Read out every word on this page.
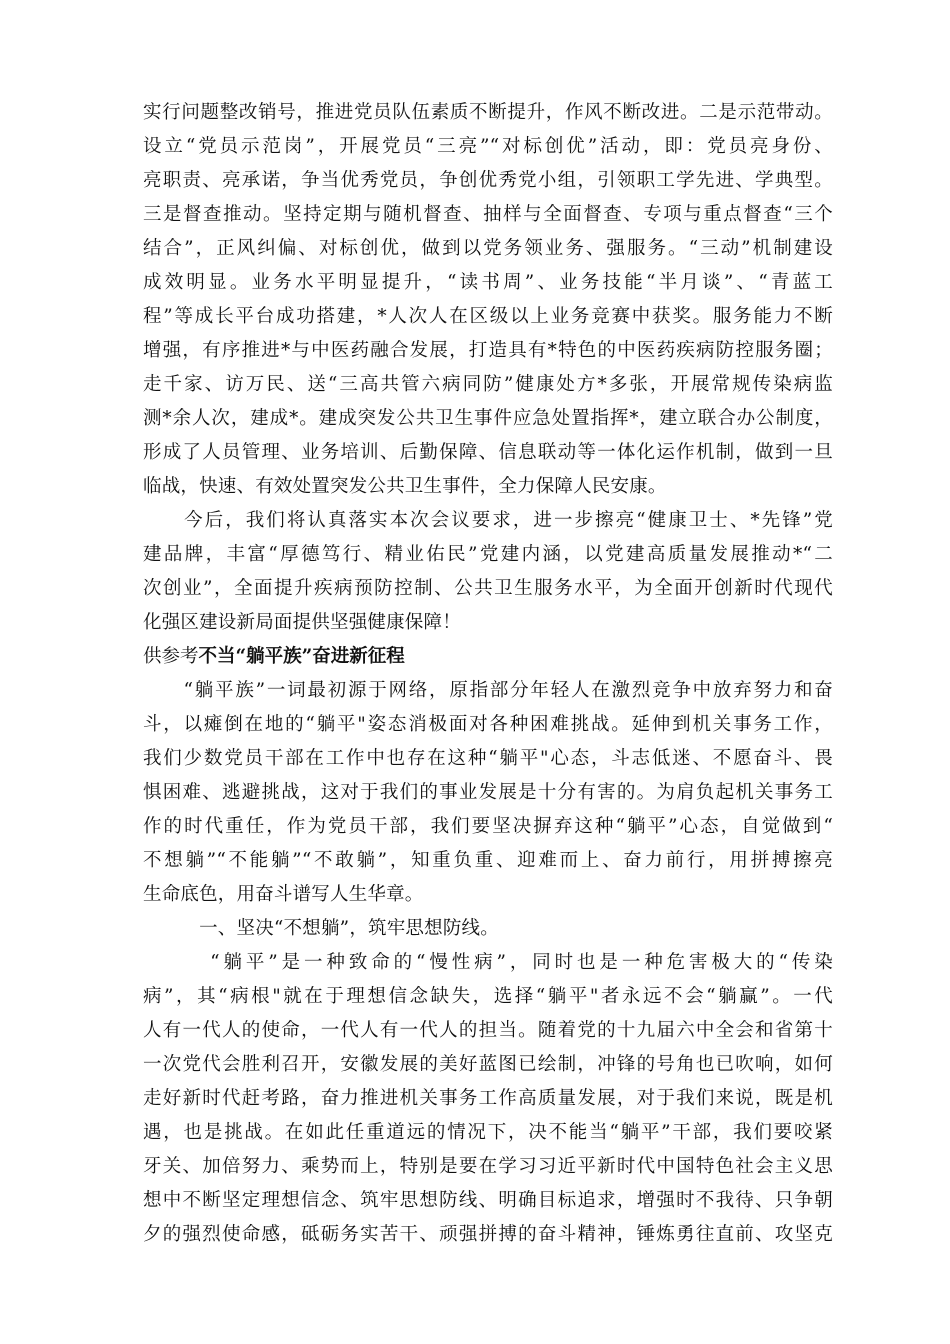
实行问题整改销号，推进党员队伍素质不断提升，作风不断改进。二是示范带动。
设立“党员示范岗”，开展党员“三亮”“对标创优”活动，即：党员亮身份、
亮职责、亮承诺，争当优秀党员，争创优秀党小组，引领职工学先进、学典型。
三是督查推动。坚持定期与随机督查、抽样与全面督查、专项与重点督查“三个
结合”，正风纠偏、对标创优，做到以党务领业务、强服务。“三动”机制建设
成效明显。业务水平明显提升，“读书周”、业务技能“半月谈”、“青蓝工
程”等成长平台成功搭建，*人次人在区级以上业务竞赛中获奖。服务能力不断
增强，有序推进*与中医药融合发展，打造具有*特色的中医药疾病防控服务圈；
走千家、访万民、送“三高共管六病同防”健康处方*多张，开展常规传染病监
测*余人次，建成*。建成突发公共卫生事件应急处置指挥*，建立联合办公制度，
形成了人员管理、业务培训、后勤保障、信息联动等一体化运作机制，做到一旦
临战，快速、有效处置突发公共卫生事件，全力保障人民安康。
　　今后，我们将认真落实本次会议要求，进一步擦亮“健康卫士、*先锋”党
建品牌，丰富“厚德笃行、精业佑民”党建内涵，以党建高质量发展推动*“二
次创业”，全面提升疾病预防控制、公共卫生服务水平，为全面开创新时代现代
化强区建设新局面提供坚强健康保障！
供参考不当“躺平族”奋进新征程
　　“躺平族”一词最初源于网络，原指部分年轻人在激烈竞争中放弃努力和奋
斗，以瘫倒在地的“躺平"姿态消极面对各种困难挑战。延伸到机关事务工作，
我们少数党员干部在工作中也存在这种“躺平"心态，斗志低迷、不愿奋斗、畏
惧困难、逃避挑战，这对于我们的事业发展是十分有害的。为肩负起机关事务工
作的时代重任，作为党员干部，我们要坚决摒弃这种“躺平”心态，自觉做到“
不想躺”“不能躺”“不敢躺”，知重负重、迎难而上、奋力前行，用拼搏擦亮
生命底色，用奋斗谱写人生华章。
　　　一、坚决“不想躺”，筑牢思想防线。
　　　“躺平”是一种致命的“慢性病”，同时也是一种危害极大的“传染
病”，其“病根"就在于理想信念缺失，选择“躺平"者永远不会“躺赢”。一代
人有一代人的使命，一代人有一代人的担当。随着党的十九届六中全会和省第十
一次党代会胜利召开，安徽发展的美好蓝图已绘制，冲锋的号角也已吹响，如何
走好新时代赶考路，奋力推进机关事务工作高质量发展，对于我们来说，既是机
遇，也是挑战。在如此任重道远的情况下，决不能当“躺平”干部，我们要咬紧
牙关、加倍努力、乘势而上，特别是要在学习习近平新时代中国特色社会主义思
想中不断坚定理想信念、筑牢思想防线、明确目标追求，增强时不我待、只争朝
夕的强烈使命感，砥砺务实苦干、顽强拼搏的奋斗精神，锤炼勇往直前、攻坚克
